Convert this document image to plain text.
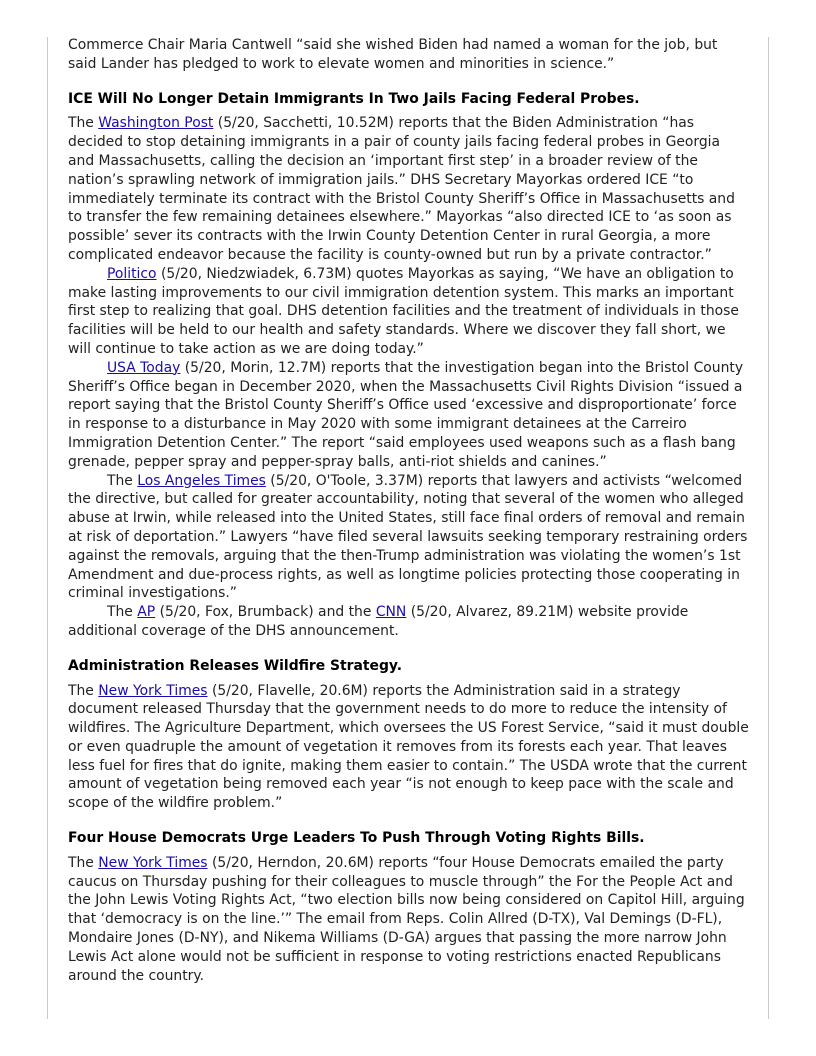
Commerce Chair Maria Cantwell “said she wished Biden had named a woman for the job, but said Lander has pledged to work to elevate women and minorities in science.”

ICE Will No Longer Detain Immigrants In Two Jails Facing Federal Probes.

The Washington Post (5/20, Sacchetti, 10.52M) reports that the Biden Administration “has decided to stop detaining immigrants in a pair of county jails facing federal probes in Georgia and Massachusetts, calling the decision an ‘important first step’ in a broader review of the nation’s sprawling network of immigration jails.” DHS Secretary Mayorkas ordered ICE “to immediately terminate its contract with the Bristol County Sheriff’s Office in Massachusetts and to transfer the few remaining detainees elsewhere.” Mayorkas “also directed ICE to ‘as soon as possible’ sever its contracts with the Irwin County Detention Center in rural Georgia, a more complicated endeavor because the facility is county-owned but run by a private contractor.”

Politico (5/20, Niedzwiadek, 6.73M) quotes Mayorkas as saying, “We have an obligation to make lasting improvements to our civil immigration detention system. This marks an important first step to realizing that goal. DHS detention facilities and the treatment of individuals in those facilities will be held to our health and safety standards. Where we discover they fall short, we will continue to take action as we are doing today.”

USA Today (5/20, Morin, 12.7M) reports that the investigation began into the Bristol County Sheriff’s Office began in December 2020, when the Massachusetts Civil Rights Division “issued a report saying that the Bristol County Sheriff’s Office used ‘excessive and disproportionate’ force in response to a disturbance in May 2020 with some immigrant detainees at the Carreiro Immigration Detention Center.” The report “said employees used weapons such as a flash bang grenade, pepper spray and pepper-spray balls, anti-riot shields and canines.”

The Los Angeles Times (5/20, O'Toole, 3.37M) reports that lawyers and activists “welcomed the directive, but called for greater accountability, noting that several of the women who alleged abuse at Irwin, while released into the United States, still face final orders of removal and remain at risk of deportation.” Lawyers “have filed several lawsuits seeking temporary restraining orders against the removals, arguing that the then-Trump administration was violating the women’s 1st Amendment and due-process rights, as well as longtime policies protecting those cooperating in criminal investigations.”

The AP (5/20, Fox, Brumback) and the CNN (5/20, Alvarez, 89.21M) website provide additional coverage of the DHS announcement.

Administration Releases Wildfire Strategy.

The New York Times (5/20, Flavelle, 20.6M) reports the Administration said in a strategy document released Thursday that the government needs to do more to reduce the intensity of wildfires. The Agriculture Department, which oversees the US Forest Service, “said it must double or even quadruple the amount of vegetation it removes from its forests each year. That leaves less fuel for fires that do ignite, making them easier to contain.” The USDA wrote that the current amount of vegetation being removed each year “is not enough to keep pace with the scale and scope of the wildfire problem.”

Four House Democrats Urge Leaders To Push Through Voting Rights Bills.

The New York Times (5/20, Herndon, 20.6M) reports “four House Democrats emailed the party caucus on Thursday pushing for their colleagues to muscle through” the For the People Act and the John Lewis Voting Rights Act, “two election bills now being considered on Capitol Hill, arguing that ‘democracy is on the line.’” The email from Reps. Colin Allred (D-TX), Val Demings (D-FL), Mondaire Jones (D-NY), and Nikema Williams (D-GA) argues that passing the more narrow John Lewis Act alone would not be sufficient in response to voting restrictions enacted Republicans around the country.
